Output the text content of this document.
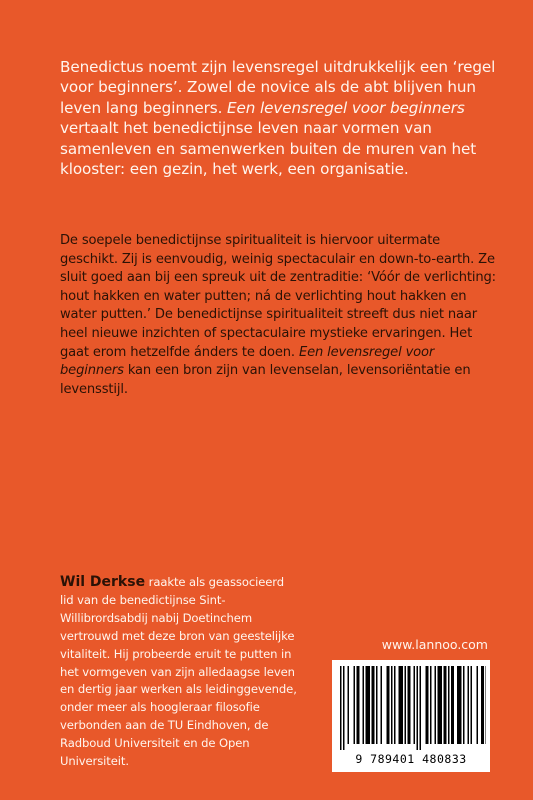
Benedictus noemt zijn levensregel uitdrukkelijk een ‘regel voor beginners’. Zowel de novice als de abt blijven hun leven lang beginners. Een levensregel voor beginners vertaalt het benedictijnse leven naar vormen van samenleven en samenwerken buiten de muren van het klooster: een gezin, het werk, een organisatie.
De soepele benedictijnse spiritualiteit is hiervoor uitermate geschikt. Zij is eenvoudig, weinig spectaculair en down-to-earth. Ze sluit goed aan bij een spreuk uit de zentraditie: ‘Vóór de verlichting: hout hakken en water putten; ná de verlichting hout hakken en water putten.’ De benedictijnse spiritualiteit streeft dus niet naar heel nieuwe inzichten of spectaculaire mystieke ervaringen. Het gaat erom hetzelfde ánders te doen. Een levensregel voor beginners kan een bron zijn van levenselan, levensoriëntatie en levensstijl.
Wil Derkse raakte als geassocieerd lid van de benedictijnse Sint-Willibrordsabdij nabij Doetinchem vertrouwd met deze bron van geestelijke vitaliteit. Hij probeerde eruit te putten in het vormgeven van zijn alledaagse leven en dertig jaar werken als leidinggevende, onder meer als hoogleraar filosofie verbonden aan de TU Eindhoven, de Radboud Universiteit en de Open Universiteit.
www.lannoo.com
9 789401 480833
